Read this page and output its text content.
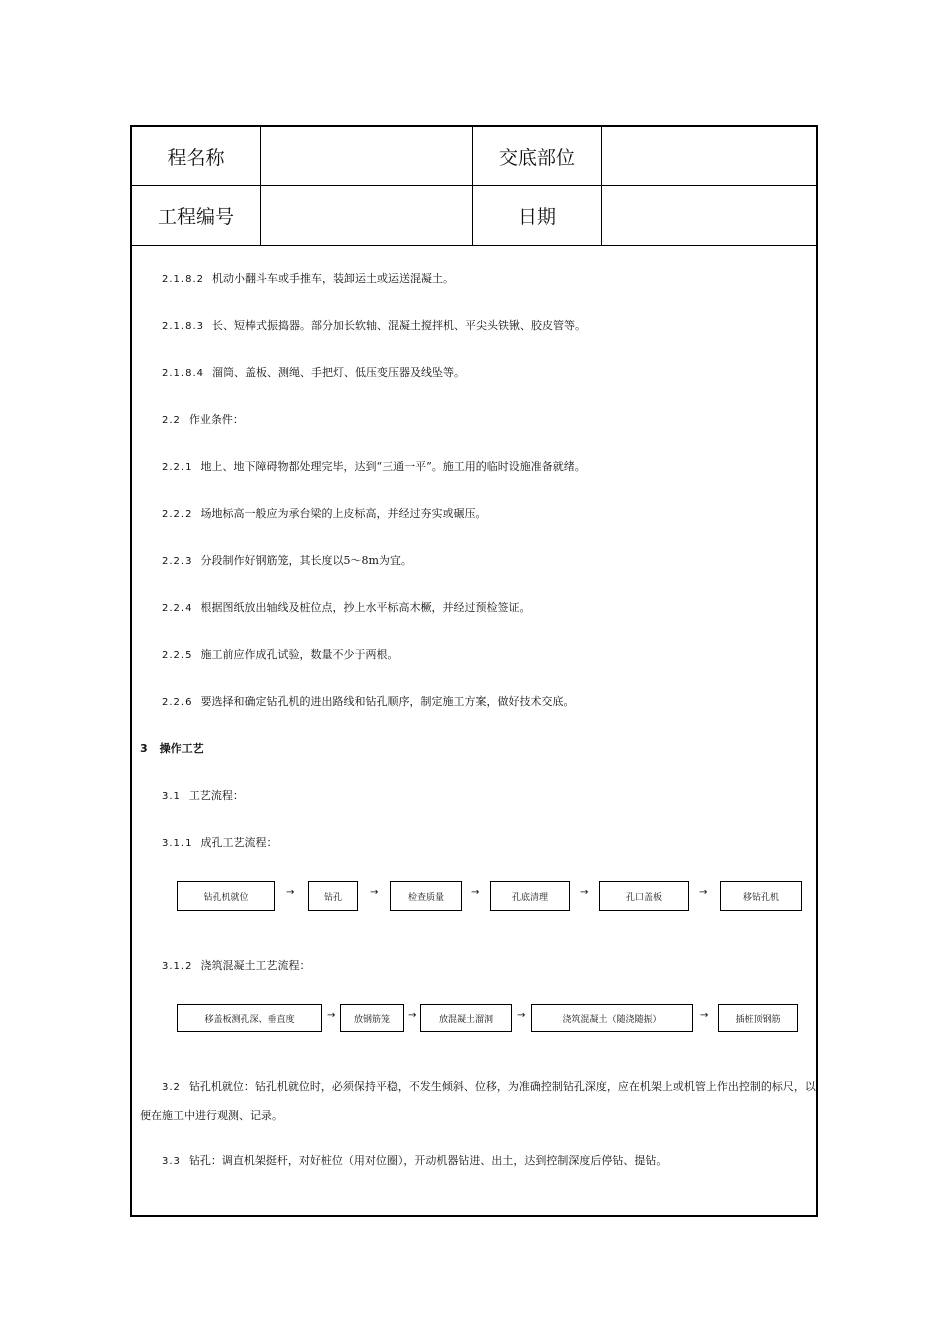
程名称	交底部位
工程编号	日期
2.1.8.2 机动小翻斗车或手推车，装卸运土或运送混凝土。
2.1.8.3 长、短棒式振捣器。部分加长软轴、混凝土搅拌机、平尖头铁锹、胶皮管等。
2.1.8.4 溜筒、盖板、测绳、手把灯、低压变压器及线坠等。
2.2 作业条件：
2.2.1 地上、地下障碍物都处理完毕，达到“三通一平”。施工用的临时设施准备就绪。
2.2.2 场地标高一般应为承台梁的上皮标高，并经过夯实或碾压。
2.2.3 分段制作好钢筋笼，其长度以5～8m为宜。
2.2.4 根据图纸放出轴线及桩位点，抄上水平标高木橛，并经过预检签证。
2.2.5 施工前应作成孔试验，数量不少于两根。
2.2.6 要选择和确定钻孔机的进出路线和钻孔顺序，制定施工方案，做好技术交底。
3 操作工艺
3.1 工艺流程：
3.1.1 成孔工艺流程：
钻孔机就位	→	钻孔	→	检查质量	→	孔底清理	→	孔口盖板	→	移钻孔机
3.1.2 浇筑混凝土工艺流程：
移盖板测孔深、垂直度	→	放钢筋笼	→	放混凝土溜洞	→	浇筑混凝土（随浇随振）	→	插桩顶钢筋
3.2 钻孔机就位：钻孔机就位时，必须保持平稳，不发生倾斜、位移，为准确控制钻孔深度，应在机架上或机管上作出控制的标尺，以便在施工中进行观测、记录。
3.3 钻孔：调直机架挺杆，对好桩位（用对位圈），开动机器钻进、出土，达到控制深度后停钻、提钻。
